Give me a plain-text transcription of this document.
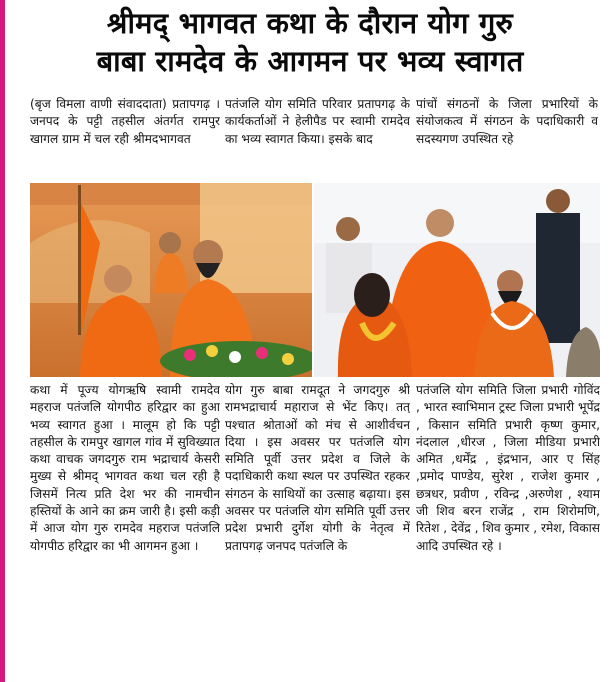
श्रीमद् भागवत कथा के दौरान योग गुरु
बाबा रामदेव के आगमन पर भव्य स्वागत
(बृज विमला वाणी संवाददाता) प्रतापगढ़ । जनपद के पट्टी तहसील अंतर्गत रामपुर खागल ग्राम में चल रही श्रीमदभागवत
पतंजलि योग समिति परिवार प्रतापगढ़ के कार्यकर्ताओं ने हेलीपैड पर स्वामी रामदेव का भव्य स्वागत किया। इसके बाद
पांचों संगठनों के जिला प्रभारियों के संयोजकत्व में संगठन के पदाधिकारी व सदस्यगण उपस्थित रहे
कथा में पूज्य योगऋषि स्वामी रामदेव महराज पतंजलि योगपीठ हरिद्वार का हुआ भव्य स्वागत हुआ । मालूम हो कि पट्टी तहसील के रामपुर खागल गांव में सुविख्यात कथा वाचक जगदगुरु राम भद्राचार्य केसरी मुख्य से श्रीमद् भागवत कथा चल रही है जिसमें नित्य प्रति देश भर की नामचीन हस्तियों के आने का क्रम जारी है। इसी कड़ी में आज योग गुरु रामदेव महराज पतंजलि योगपीठ हरिद्वार का भी आगमन हुआ ।
योग गुरु बाबा रामदूत ने जगदगुरु श्री रामभद्राचार्य महाराज से भेंट किए। तत् पश्चात श्रोताओं को मंच से आशीर्वचन दिया । इस अवसर पर पतंजलि योग समिति पूर्वी उत्तर प्रदेश व जिले के पदाधिकारी कथा स्थल पर उपस्थित रहकर संगठन के साथियों का उत्साह बढ़ाया। इस अवसर पर पतंजलि योग समिति पूर्वी उत्तर प्रदेश प्रभारी दुर्गेश योगी के नेतृत्व में प्रतापगढ़ जनपद पतंजलि के
पतंजलि योग समिति जिला प्रभारी गोविंद , भारत स्वाभिमान ट्रस्ट जिला प्रभारी भूपेंद्र , किसान समिति प्रभारी कृष्ण कुमार, नंदलाल ,धीरज , जिला मीडिया प्रभारी अमित ,धर्मेंद्र , इंद्रभान, आर ए सिंह ,प्रमोद पाण्डेय, सुरेश , राजेश कुमार , छत्रधर, प्रवीण , रविन्द्र ,अरुणेश , श्याम जी शिव बरन राजेंद्र , राम शिरोमणि, रितेश , देवेंद्र , शिव कुमार , रमेश, विकास आदि उपस्थित रहे ।
